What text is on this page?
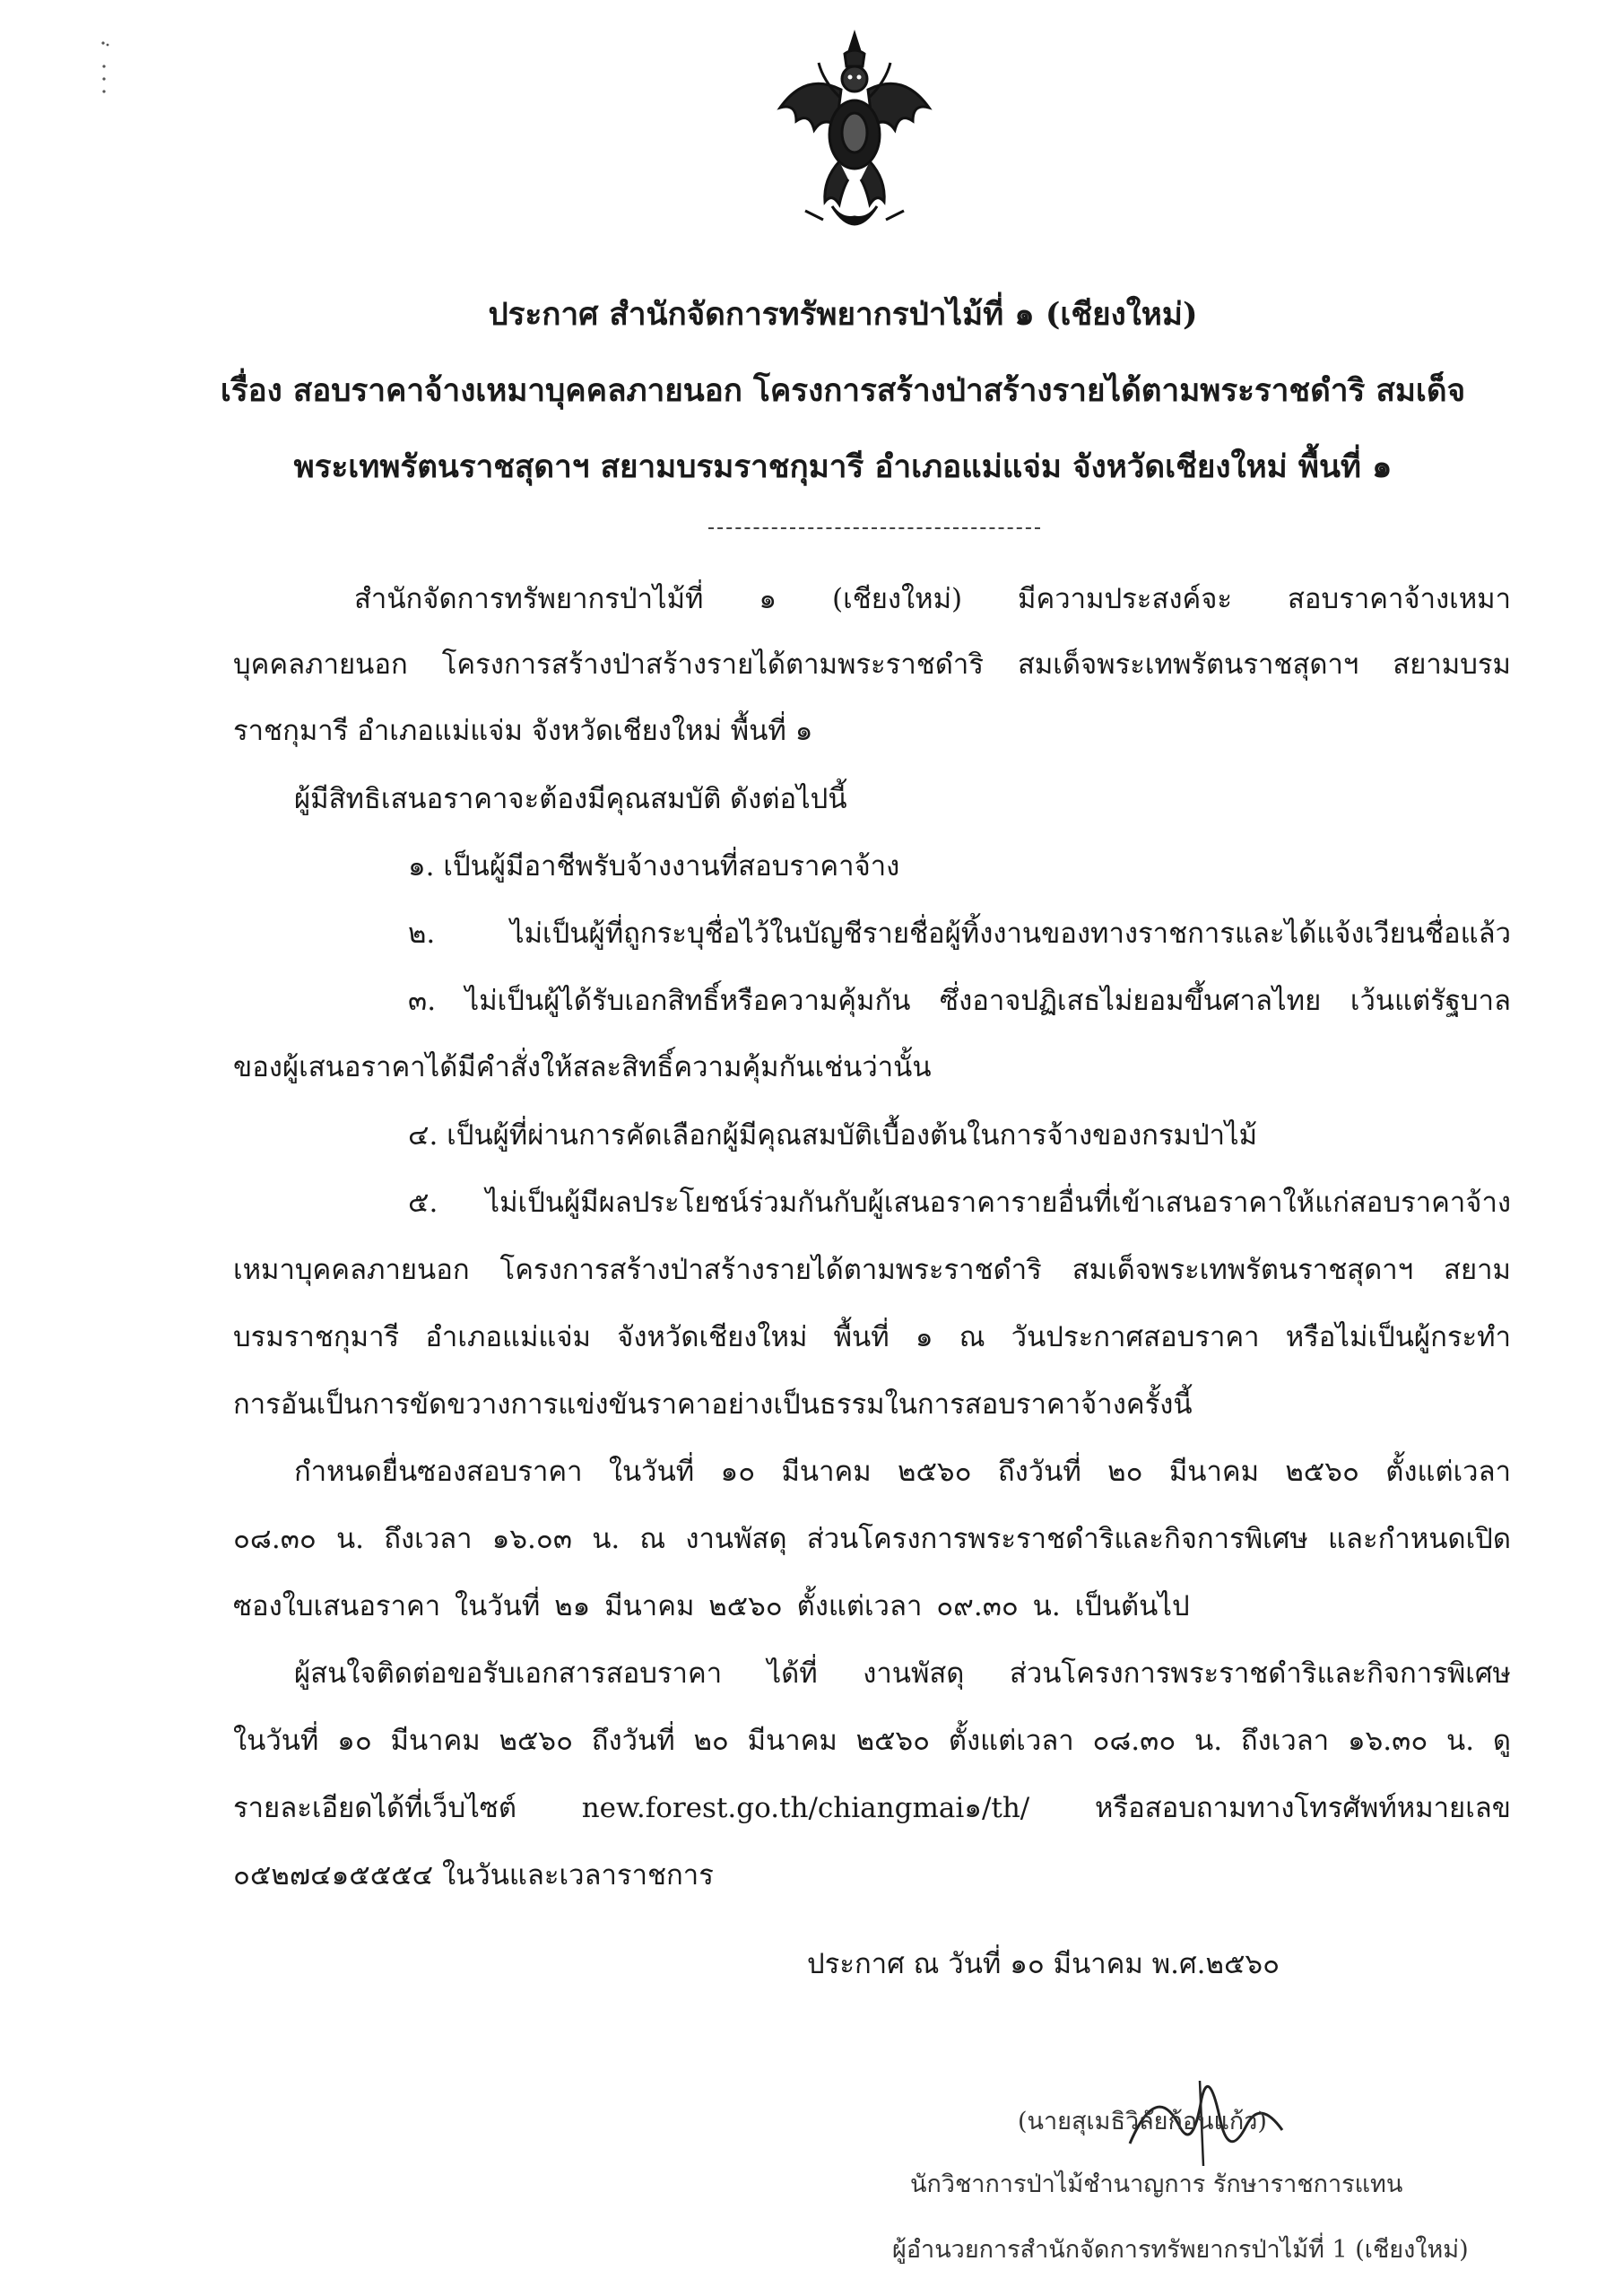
ประกาศ สำนักจัดการทรัพยากรป่าไม้ที่ ๑ (เชียงใหม่)
เรื่อง สอบราคาจ้างเหมาบุคคลภายนอก โครงการสร้างป่าสร้างรายได้ตามพระราชดำริ สมเด็จ
พระเทพรัตนราชสุดาฯ สยามบรมราชกุมารี อำเภอแม่แจ่ม จังหวัดเชียงใหม่ พื้นที่ ๑
สำนักจัดการทรัพยากรป่าไม้ที่ ๑ (เชียงใหม่) มีความประสงค์จะ สอบราคาจ้างเหมา
บุคคลภายนอก โครงการสร้างป่าสร้างรายได้ตามพระราชดำริ สมเด็จพระเทพรัตนราชสุดาฯ สยามบรม
ราชกุมารี อำเภอแม่แจ่ม จังหวัดเชียงใหม่ พื้นที่ ๑
ผู้มีสิทธิเสนอราคาจะต้องมีคุณสมบัติ ดังต่อไปนี้
๑. เป็นผู้มีอาชีพรับจ้างงานที่สอบราคาจ้าง
๒. ไม่เป็นผู้ที่ถูกระบุชื่อไว้ในบัญชีรายชื่อผู้ทิ้งงานของทางราชการและได้แจ้งเวียนชื่อแล้ว
๓. ไม่เป็นผู้ได้รับเอกสิทธิ์หรือความคุ้มกัน ซึ่งอาจปฏิเสธไม่ยอมขึ้นศาลไทย เว้นแต่รัฐบาล
ของผู้เสนอราคาได้มีคำสั่งให้สละสิทธิ์ความคุ้มกันเช่นว่านั้น
๔. เป็นผู้ที่ผ่านการคัดเลือกผู้มีคุณสมบัติเบื้องต้นในการจ้างของกรมป่าไม้
๕. ไม่เป็นผู้มีผลประโยชน์ร่วมกันกับผู้เสนอราคารายอื่นที่เข้าเสนอราคาให้แก่สอบราคาจ้าง
เหมาบุคคลภายนอก โครงการสร้างป่าสร้างรายได้ตามพระราชดำริ สมเด็จพระเทพรัตนราชสุดาฯ สยาม
บรมราชกุมารี อำเภอแม่แจ่ม จังหวัดเชียงใหม่ พื้นที่ ๑ ณ วันประกาศสอบราคา หรือไม่เป็นผู้กระทำ
การอันเป็นการขัดขวางการแข่งขันราคาอย่างเป็นธรรมในการสอบราคาจ้างครั้งนี้
กำหนดยื่นซองสอบราคา ในวันที่ ๑๐ มีนาคม ๒๕๖๐ ถึงวันที่ ๒๐ มีนาคม ๒๕๖๐ ตั้งแต่เวลา
๐๘.๓๐ น. ถึงเวลา ๑๖.๐๓ น. ณ งานพัสดุ ส่วนโครงการพระราชดำริและกิจการพิเศษ และกำหนดเปิด
ซองใบเสนอราคา ในวันที่ ๒๑ มีนาคม ๒๕๖๐ ตั้งแต่เวลา ๐๙.๓๐ น. เป็นต้นไป
ผู้สนใจติดต่อขอรับเอกสารสอบราคา ได้ที่ งานพัสดุ ส่วนโครงการพระราชดำริและกิจการพิเศษ
ในวันที่ ๑๐ มีนาคม ๒๕๖๐ ถึงวันที่ ๒๐ มีนาคม ๒๕๖๐ ตั้งแต่เวลา ๐๘.๓๐ น. ถึงเวลา ๑๖.๓๐ น. ดู
รายละเอียดได้ที่เว็บไซต์ new.forest.go.th/chiangmai๑/th/ หรือสอบถามทางโทรศัพท์หมายเลข
๐๕๒๗๔๑๕๕๕๔ ในวันและเวลาราชการ
ประกาศ ณ วันที่ ๑๐ มีนาคม พ.ศ.๒๕๖๐
(นายสุเมธิวิลัยก้อนแก้ว)
นักวิชาการป่าไม้ชำนาญการ รักษาราชการแทน
ผู้อำนวยการสำนักจัดการทรัพยากรป่าไม้ที่ 1 (เชียงใหม่)
